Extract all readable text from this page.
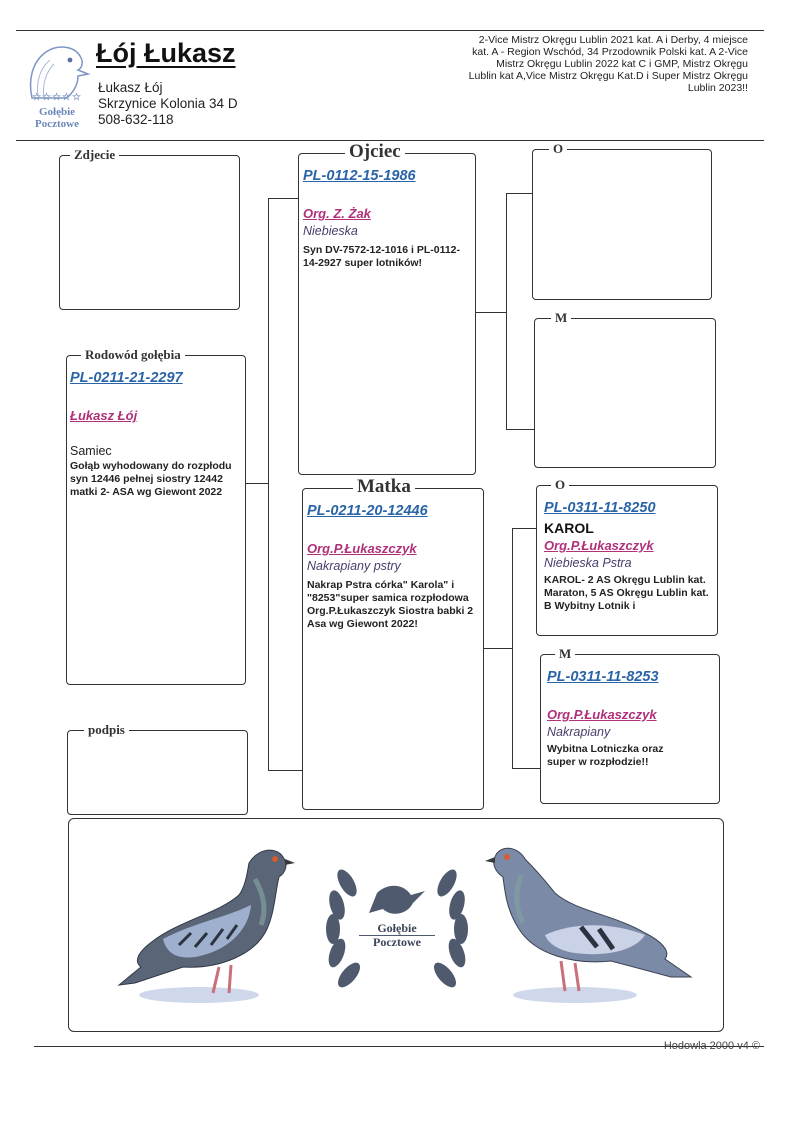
☆☆☆☆☆
Gołębie
Pocztowe
Łój Łukasz
Łukasz Łój
Skrzynice Kolonia 34 D
508-632-118
2-Vice Mistrz Okręgu Lublin 2021 kat. A i Derby, 4 miejsce kat. A - Region Wschód, 34 Przodownik Polski kat. A 2-Vice Mistrz Okręgu Lublin 2022 kat C i GMP, Mistrz Okręgu Lublin kat A,Vice Mistrz Okręgu Kat.D i Super Mistrz Okręgu Lublin 2023!!
Zdjecie
Rodowód gołębia
PL-0211-21-2297
Łukasz Łój
Samiec
Gołąb wyhodowany do rozpłodu syn 12446 pełnej siostry 12442 matki 2- ASA wg Giewont 2022
podpis
Ojciec
PL-0112-15-1986
Org. Z. Żak
Niebieska
Syn DV-7572-12-1016 i PL-0112-14-2927 super lotników!
Matka
PL-0211-20-12446
Org.P.Łukaszczyk
Nakrapiany pstry
Nakrap Pstra córka" Karola" i "8253"super samica rozpłodowa Org.P.Łukaszczyk Siostra babki 2 Asa wg Giewont 2022!
O
M
O
PL-0311-11-8250
KAROL
Org.P.Łukaszczyk
Niebieska Pstra
KAROL- 2 AS Okręgu Lublin kat. Maraton, 5 AS Okręgu Lublin kat. B Wybitny Lotnik i
M
PL-0311-11-8253
Org.P.Łukaszczyk
Nakrapiany
Wybitna Lotniczka oraz super w rozpłodzie!!
Gołębie
Pocztowe
Hodowla 2000 v4 ©
